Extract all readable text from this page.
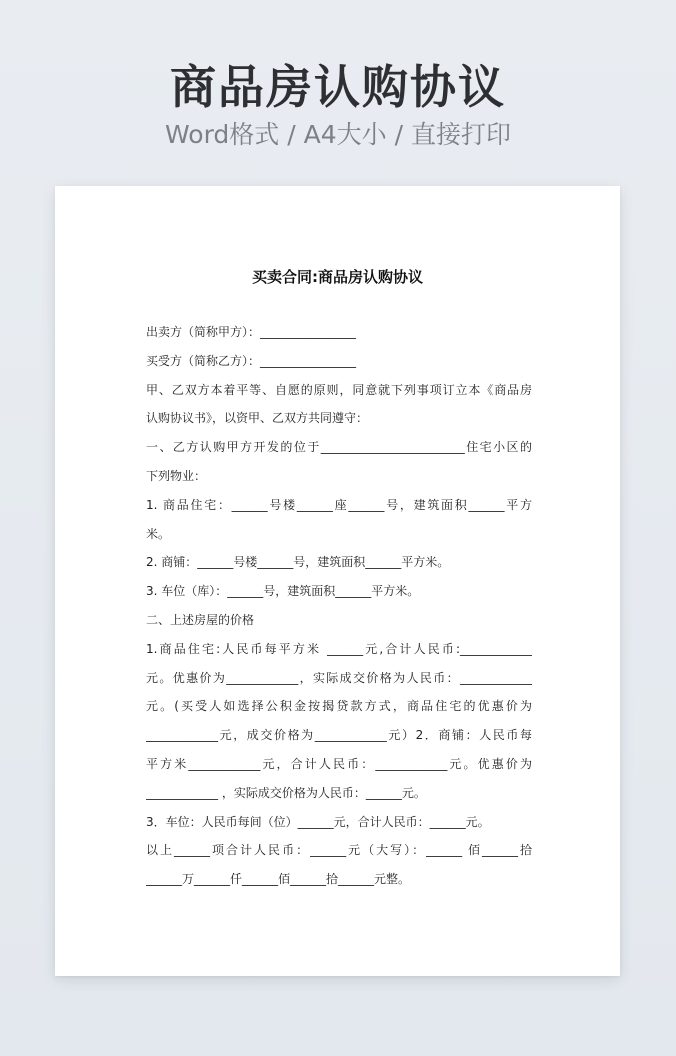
商品房认购协议
Word格式 / A4大小 / 直接打印
买卖合同:商品房认购协议

出卖方（简称甲方）：________________

买受方（简称乙方）：________________

甲、乙双方本着平等、自愿的原则，同意就下列事项订立本《商品房

认购协议书》，以资甲、乙双方共同遵守：

一、乙方认购甲方开发的位于________________________住宅小区的

下列物业：

1. 商品住宅：______号楼______座______号，建筑面积______平方

米。

2. 商铺：______号楼______号，建筑面积______平方米。

3. 车位（库）：______号，建筑面积______平方米。

二、上述房屋的价格

1.商品住宅:人民币每平方米 ______元,合计人民币:____________

元。优惠价为____________，实际成交价格为人民币：____________

元。(买受人如选择公积金按揭贷款方式，商品住宅的优惠价为

____________元，成交价格为____________元）2．商铺：人民币每

平方米____________元，合计人民币：____________元。优惠价为

____________ ，实际成交价格为人民币：______元。

3．车位：人民币每间（位）______元，合计人民币：______元。

以上______项合计人民币：______元（大写）：______ 佰______拾

______万______仟______佰______拾______元整。
